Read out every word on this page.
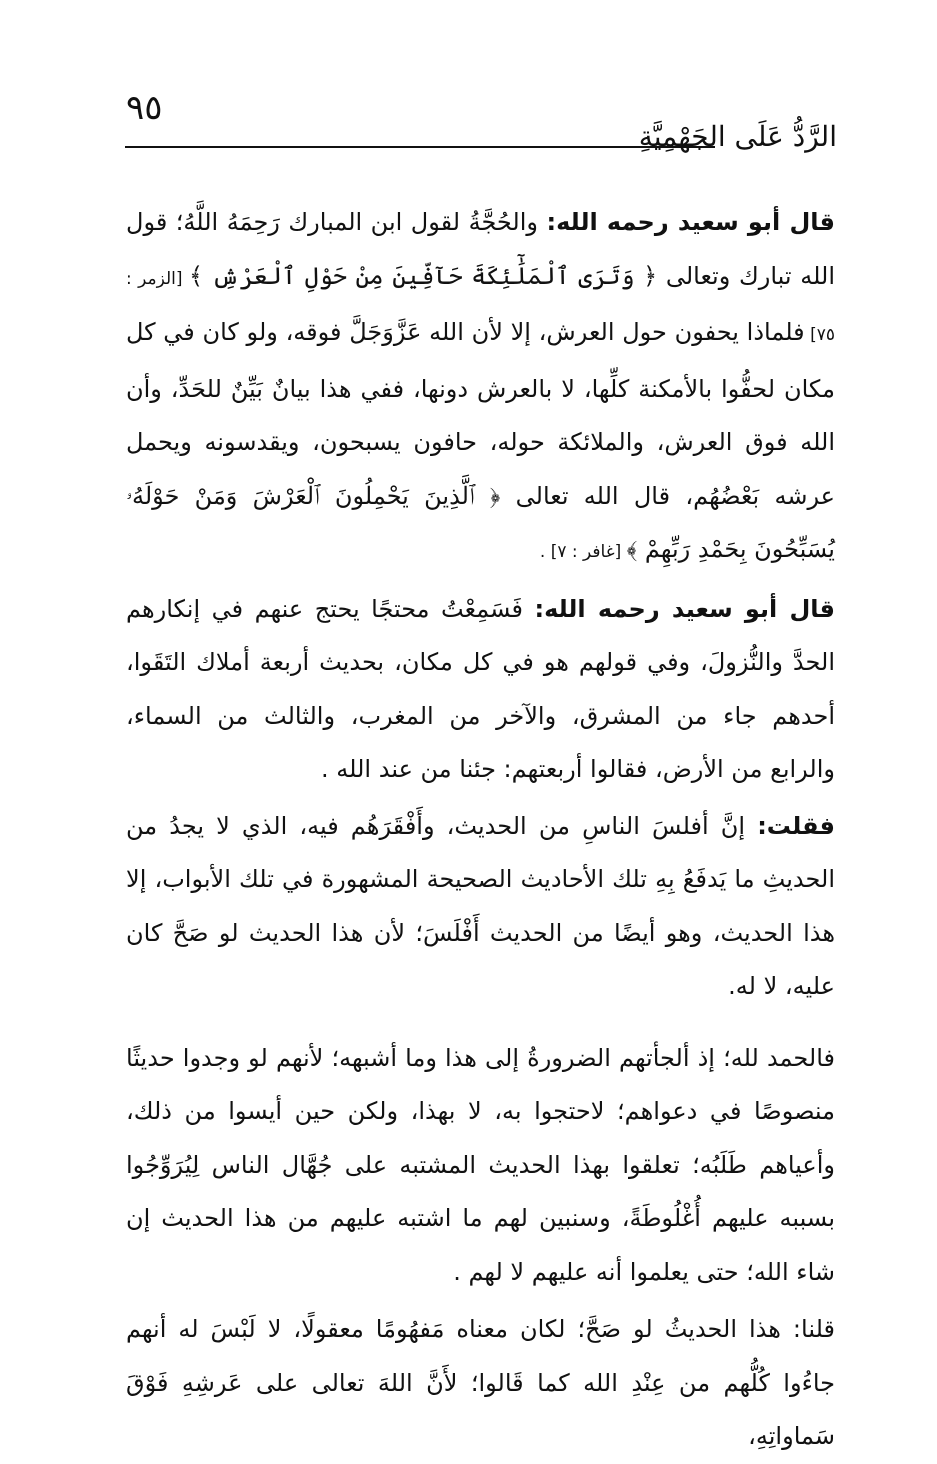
٩٥
الرَّدُّ عَلَى الجَهْمِيَّةِ

قال أبو سعيد رحمه الله: والحُجَّةُ لقول ابن المبارك رَحِمَهُ اللَّهُ؛ قول الله تبارك وتعالى ﴿ وَتَرَى ٱلْمَلَٰٓئِكَةَ حَآفِّينَ مِنْ حَوْلِ ٱلْعَرْشِ ﴾ [الزمر : ٧٥] فلماذا يحفون حول العرش، إلا لأن الله عَزَّوَجَلَّ فوقه، ولو كان في كل مكان لحفُّوا بالأمكنة كلِّها، لا بالعرش دونها، ففي هذا بيانٌ بَيِّنٌ للحَدِّ، وأن الله فوق العرش، والملائكة حوله، حافون يسبحون، ويقدسونه ويحمل عرشه بَعْضُهُم، قال الله تعالى ﴿ ٱلَّذِينَ يَحْمِلُونَ ٱلْعَرْشَ وَمَنْ حَوْلَهُۥ يُسَبِّحُونَ بِحَمْدِ رَبِّهِمْ ﴾ [غافر : ٧] .

قال أبو سعيد رحمه الله: فَسَمِعْتُ محتجًا يحتج عنهم في إنكارهم الحدَّ والنُّزولَ، وفي قولهم هو في كل مكان، بحديث أربعة أملاك التَقَوا، أحدهم جاء من المشرق، والآخر من المغرب، والثالث من السماء، والرابع من الأرض، فقالوا أربعتهم: جئنا من عند الله .

فقلت: إنَّ أفلسَ الناسِ من الحديث، وأَفْقَرَهُم فيه، الذي لا يجدُ من الحديثِ ما يَدفَعُ بِهِ تلك الأحاديث الصحيحة المشهورة في تلك الأبواب، إلا هذا الحديث، وهو أيضًا من الحديث أَفْلَسَ؛ لأن هذا الحديث لو صَحَّ كان عليه، لا له.

فالحمد لله؛ إذ ألجأتهم الضرورةُ إلى هذا وما أشبهه؛ لأنهم لو وجدوا حديثًا منصوصًا في دعواهم؛ لاحتجوا به، لا بهذا، ولكن حين أيسوا من ذلك، وأعياهم طَلَبُه؛ تعلقوا بهذا الحديث المشتبه على جُهَّال الناس لِيُرَوِّجُوا بسببه عليهم أُغْلُوطَةً، وسنبين لهم ما اشتبه عليهم من هذا الحديث إن شاء الله؛ حتى يعلموا أنه عليهم لا لهم .

قلنا: هذا الحديثُ لو صَحَّ؛ لكان معناه مَفهُومًا معقولًا، لا لَبْسَ له أنهم جاءُوا كُلُّهم من عِنْدِ الله كما قَالوا؛ لأَنَّ اللهَ تعالى على عَرشِهِ فَوْقَ سَماواتِهِ،
